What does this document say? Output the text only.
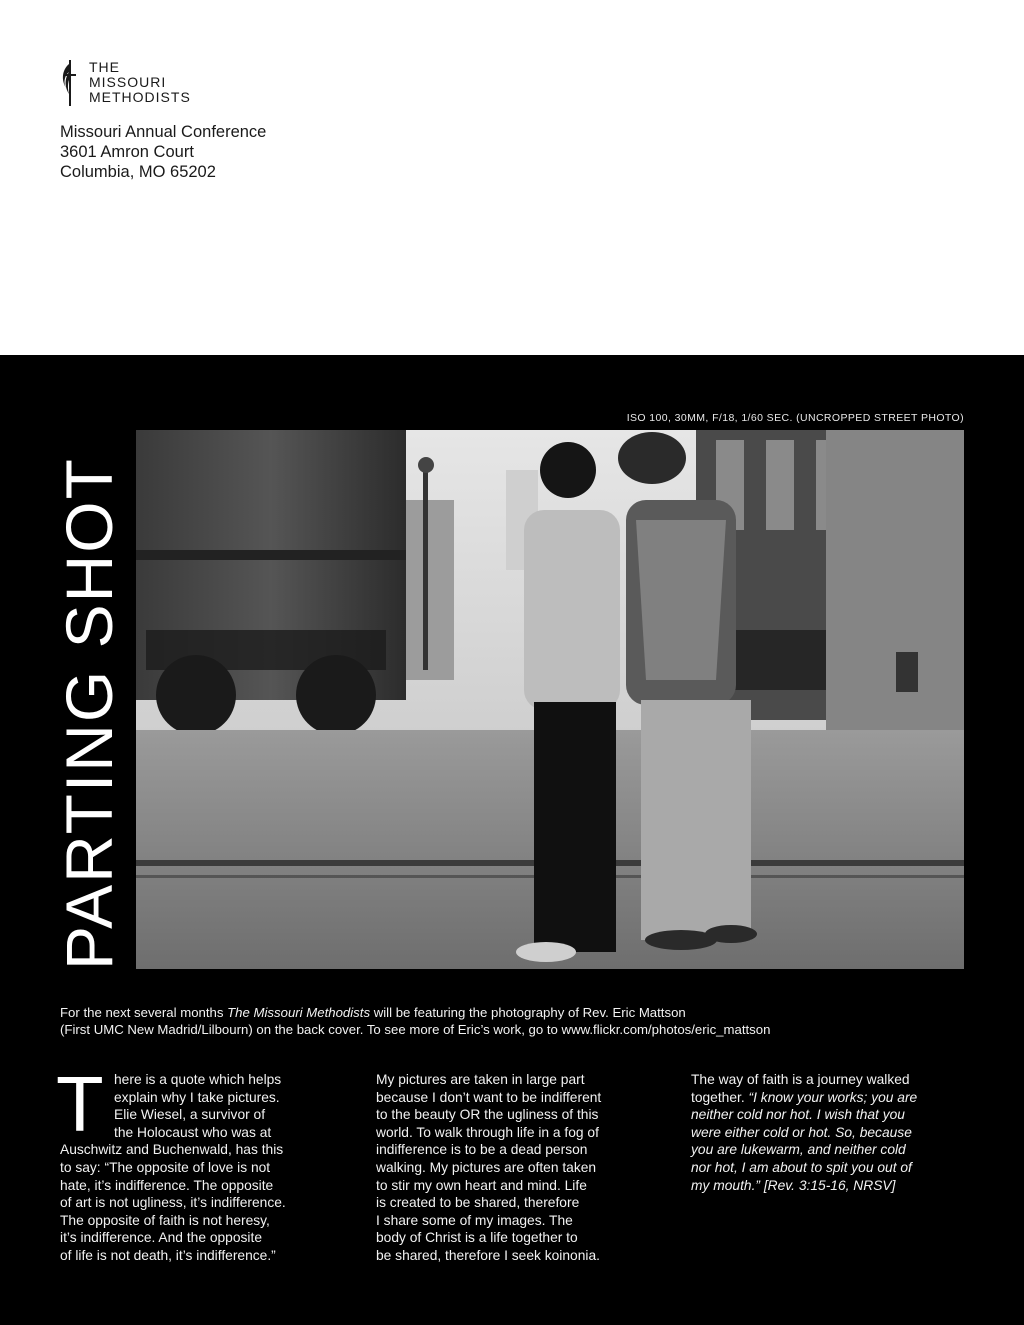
THE
MISSOURI
METHODISTS
Missouri Annual Conference
3601 Amron Court
Columbia, MO 65202
PARTING SHOT
ISO 100, 30MM, F/18, 1/60 SEC. (UNCROPPED STREET PHOTO)
For the next several months The Missouri Methodists will be featuring the photography of Rev. Eric Mattson
(First UMC New Madrid/Lilbourn) on the back cover. To see more of Eric’s work, go to www.flickr.com/photos/eric_mattson
T here is a quote which helps
explain why I take pictures.
Elie Wiesel, a survivor of
the Holocaust who was at
Auschwitz and Buchenwald, has this
to say: “The opposite of love is not
hate, it’s indifference. The opposite
of art is not ugliness, it’s indifference.
The opposite of faith is not heresy,
it’s indifference. And the opposite
of life is not death, it’s indifference.”
My pictures are taken in large part
because I don’t want to be indifferent
to the beauty OR the ugliness of this
world. To walk through life in a fog of
indifference is to be a dead person
walking. My pictures are often taken
to stir my own heart and mind. Life
is created to be shared, therefore
I share some of my images. The
body of Christ is a life together to
be shared, therefore I seek koinonia.
The way of faith is a journey walked
together. “I know your works; you are
neither cold nor hot. I wish that you
were either cold or hot. So, because
you are lukewarm, and neither cold
nor hot, I am about to spit you out of
my mouth.” [Rev. 3:15-16, NRSV]
